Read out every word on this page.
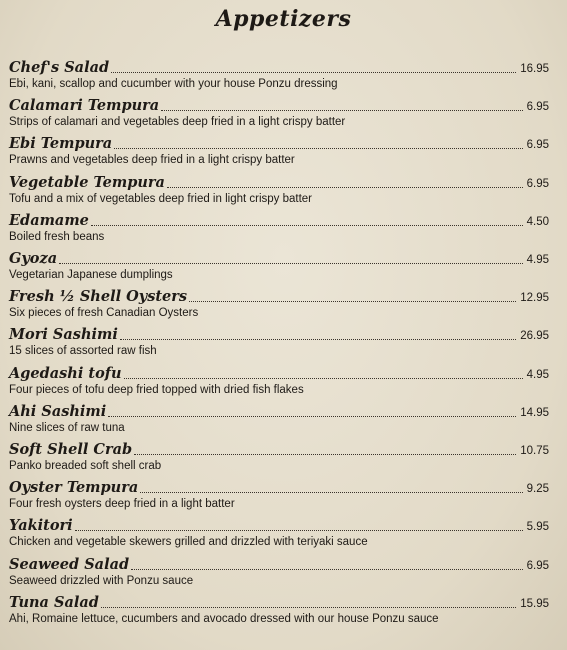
Appetizers
Chef's Salad	16.95
Ebi, kani, scallop and cucumber with your house Ponzu dressing
Calamari Tempura	6.95
Strips of calamari and vegetables deep fried in a light crispy batter
Ebi Tempura	6.95
Prawns and vegetables deep fried in a light crispy batter
Vegetable Tempura	6.95
Tofu and a mix of vegetables deep fried in light crispy batter
Edamame	4.50
Boiled fresh beans
Gyoza	4.95
Vegetarian Japanese dumplings
Fresh ½ Shell Oysters	12.95
Six pieces of fresh Canadian Oysters
Mori Sashimi	26.95
15 slices of assorted raw fish
Agedashi tofu	4.95
Four pieces of tofu deep fried topped with dried fish flakes
Ahi Sashimi	14.95
Nine slices of raw tuna
Soft Shell Crab	10.75
Panko breaded soft shell crab
Oyster Tempura	9.25
Four fresh oysters deep fried in a light batter
Yakitori	5.95
Chicken and vegetable skewers grilled and drizzled with teriyaki sauce
Seaweed Salad	6.95
Seaweed drizzled with Ponzu sauce
Tuna Salad	15.95
Ahi, Romaine lettuce, cucumbers and avocado dressed with our house Ponzu sauce
